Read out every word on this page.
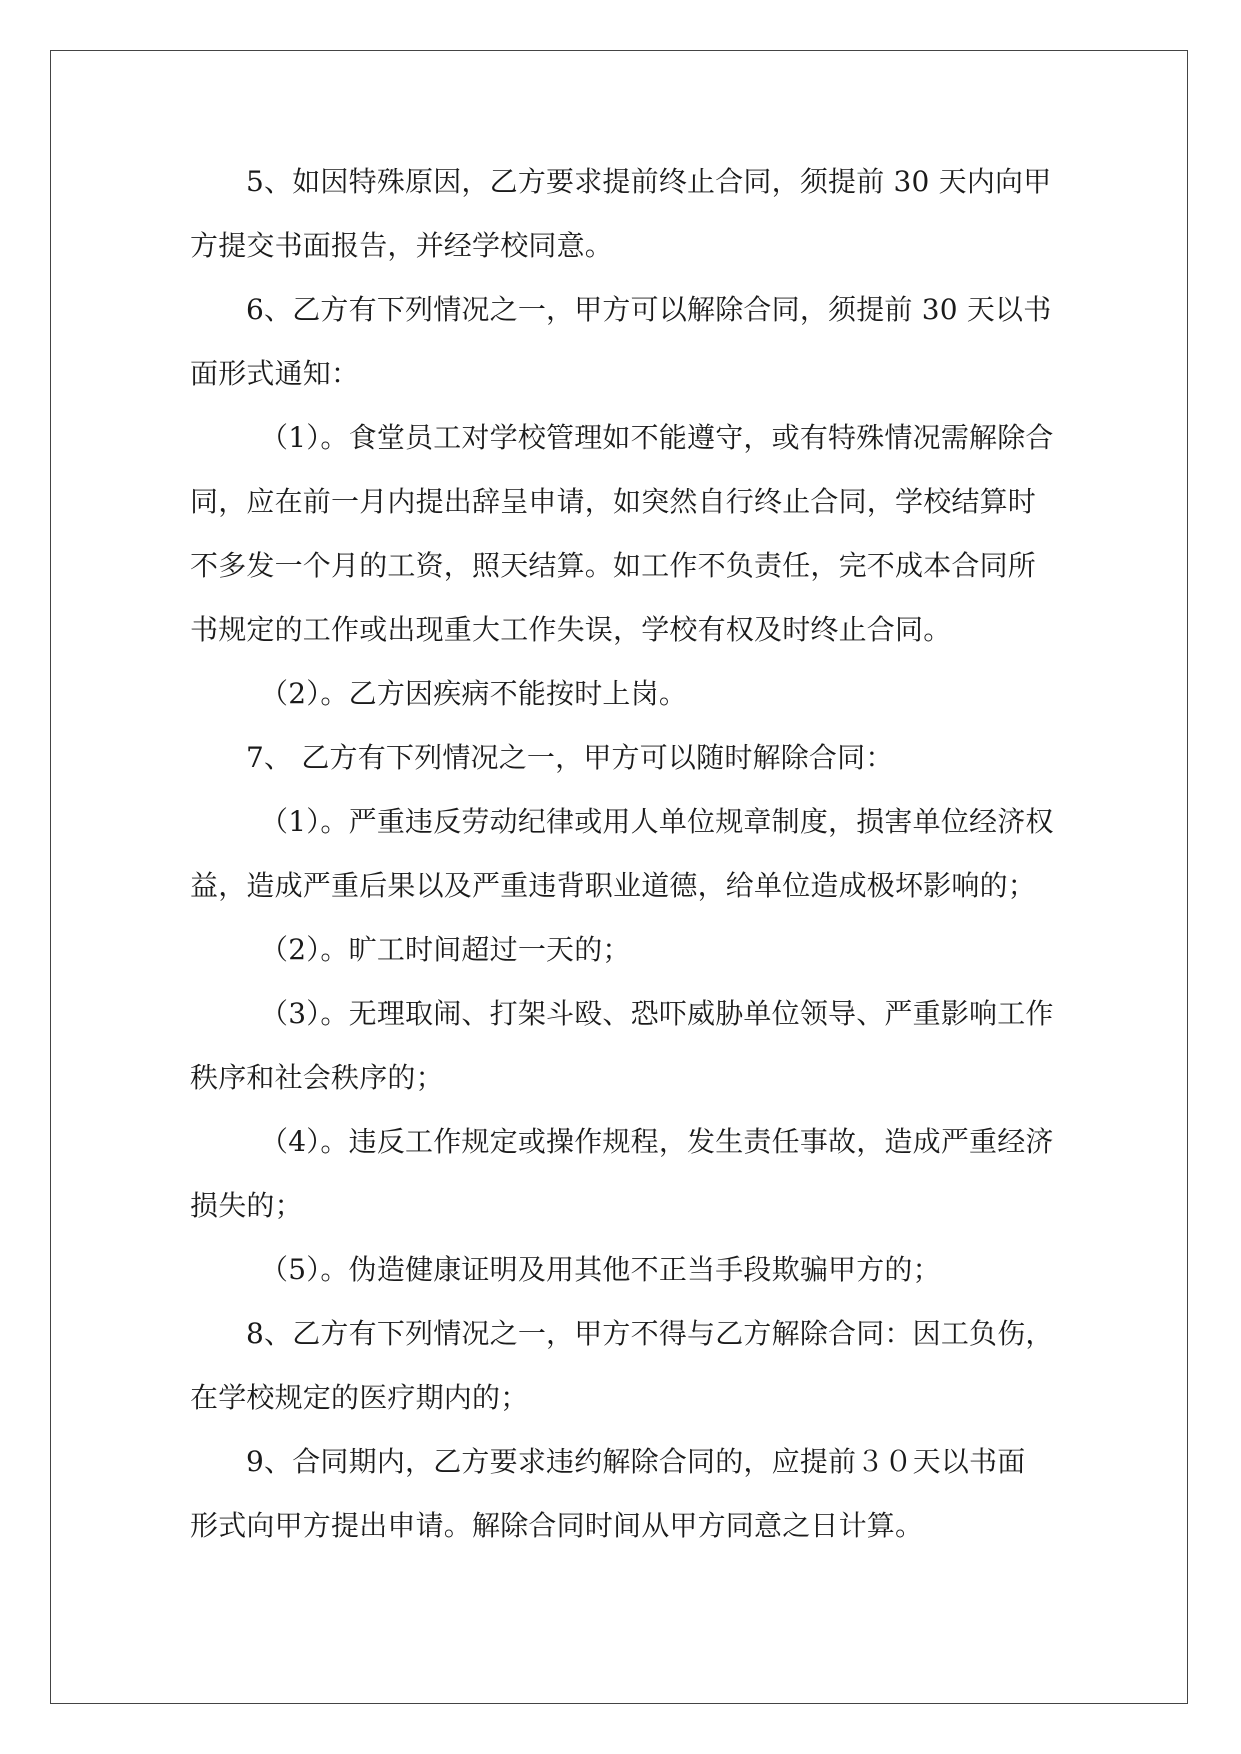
5、如因特殊原因，乙方要求提前终止合同，须提前 30 天内向甲
方提交书面报告，并经学校同意。
6、乙方有下列情况之一，甲方可以解除合同，须提前 30 天以书
面形式通知：
（1）。食堂员工对学校管理如不能遵守，或有特殊情况需解除合
同，应在前一月内提出辞呈申请，如突然自行终止合同，学校结算时
不多发一个月的工资，照天结算。如工作不负责任，完不成本合同所
书规定的工作或出现重大工作失误，学校有权及时终止合同。
（2）。乙方因疾病不能按时上岗。
7、 乙方有下列情况之一，甲方可以随时解除合同：
（1）。严重违反劳动纪律或用人单位规章制度，损害单位经济权
益，造成严重后果以及严重违背职业道德，给单位造成极坏影响的；
（2）。旷工时间超过一天的；
（3）。无理取闹、打架斗殴、恐吓威胁单位领导、严重影响工作
秩序和社会秩序的；
（4）。违反工作规定或操作规程，发生责任事故，造成严重经济
损失的；
（5）。伪造健康证明及用其他不正当手段欺骗甲方的；
8、乙方有下列情况之一，甲方不得与乙方解除合同：因工负伤，
在学校规定的医疗期内的；
9、合同期内，乙方要求违约解除合同的，应提前３０天以书面
形式向甲方提出申请。解除合同时间从甲方同意之日计算。
